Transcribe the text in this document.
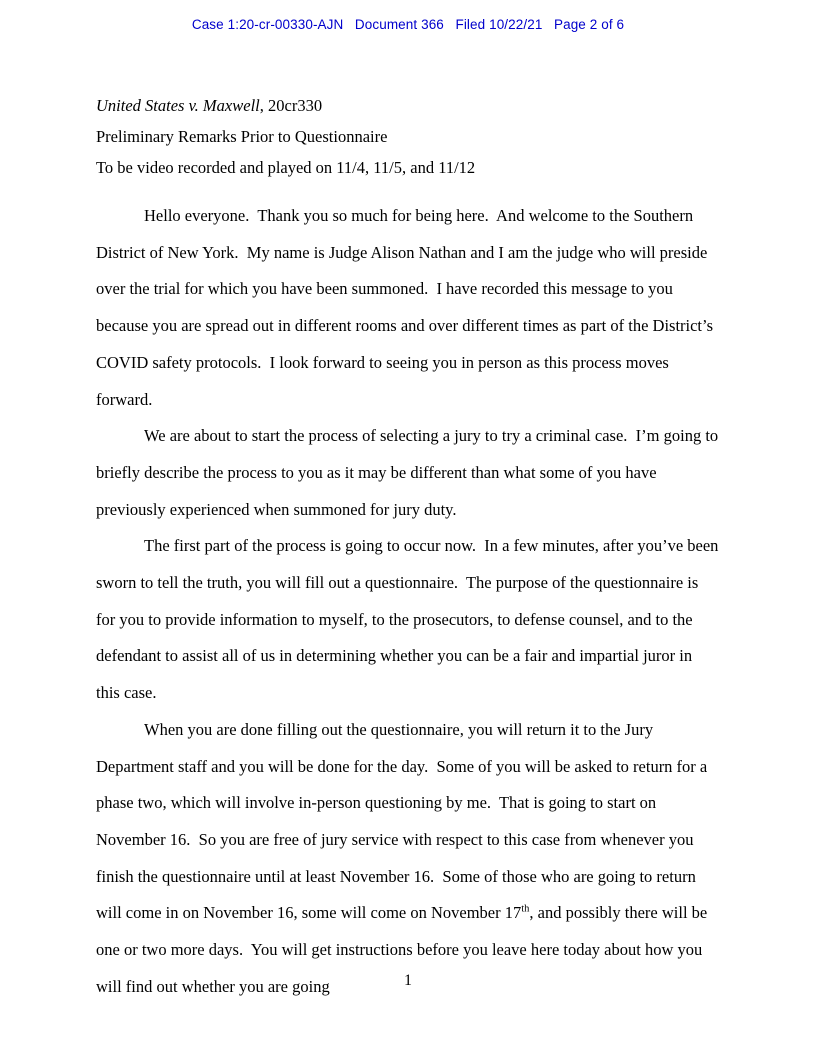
Case 1:20-cr-00330-AJN   Document 366   Filed 10/22/21   Page 2 of 6

United States v. Maxwell, 20cr330

Preliminary Remarks Prior to Questionnaire

To be video recorded and played on 11/4, 11/5, and 11/12

Hello everyone.  Thank you so much for being here.  And welcome to the Southern District of New York.  My name is Judge Alison Nathan and I am the judge who will preside over the trial for which you have been summoned.  I have recorded this message to you because you are spread out in different rooms and over different times as part of the District’s COVID safety protocols.  I look forward to seeing you in person as this process moves forward.

We are about to start the process of selecting a jury to try a criminal case.  I’m going to briefly describe the process to you as it may be different than what some of you have previously experienced when summoned for jury duty.

The first part of the process is going to occur now.  In a few minutes, after you’ve been sworn to tell the truth, you will fill out a questionnaire.  The purpose of the questionnaire is for you to provide information to myself, to the prosecutors, to defense counsel, and to the defendant to assist all of us in determining whether you can be a fair and impartial juror in this case.

When you are done filling out the questionnaire, you will return it to the Jury Department staff and you will be done for the day.  Some of you will be asked to return for a phase two, which will involve in-person questioning by me.  That is going to start on November 16.  So you are free of jury service with respect to this case from whenever you finish the questionnaire until at least November 16.  Some of those who are going to return will come in on November 16, some will come on November 17th, and possibly there will be one or two more days.  You will get instructions before you leave here today about how you will find out whether you are going	1
